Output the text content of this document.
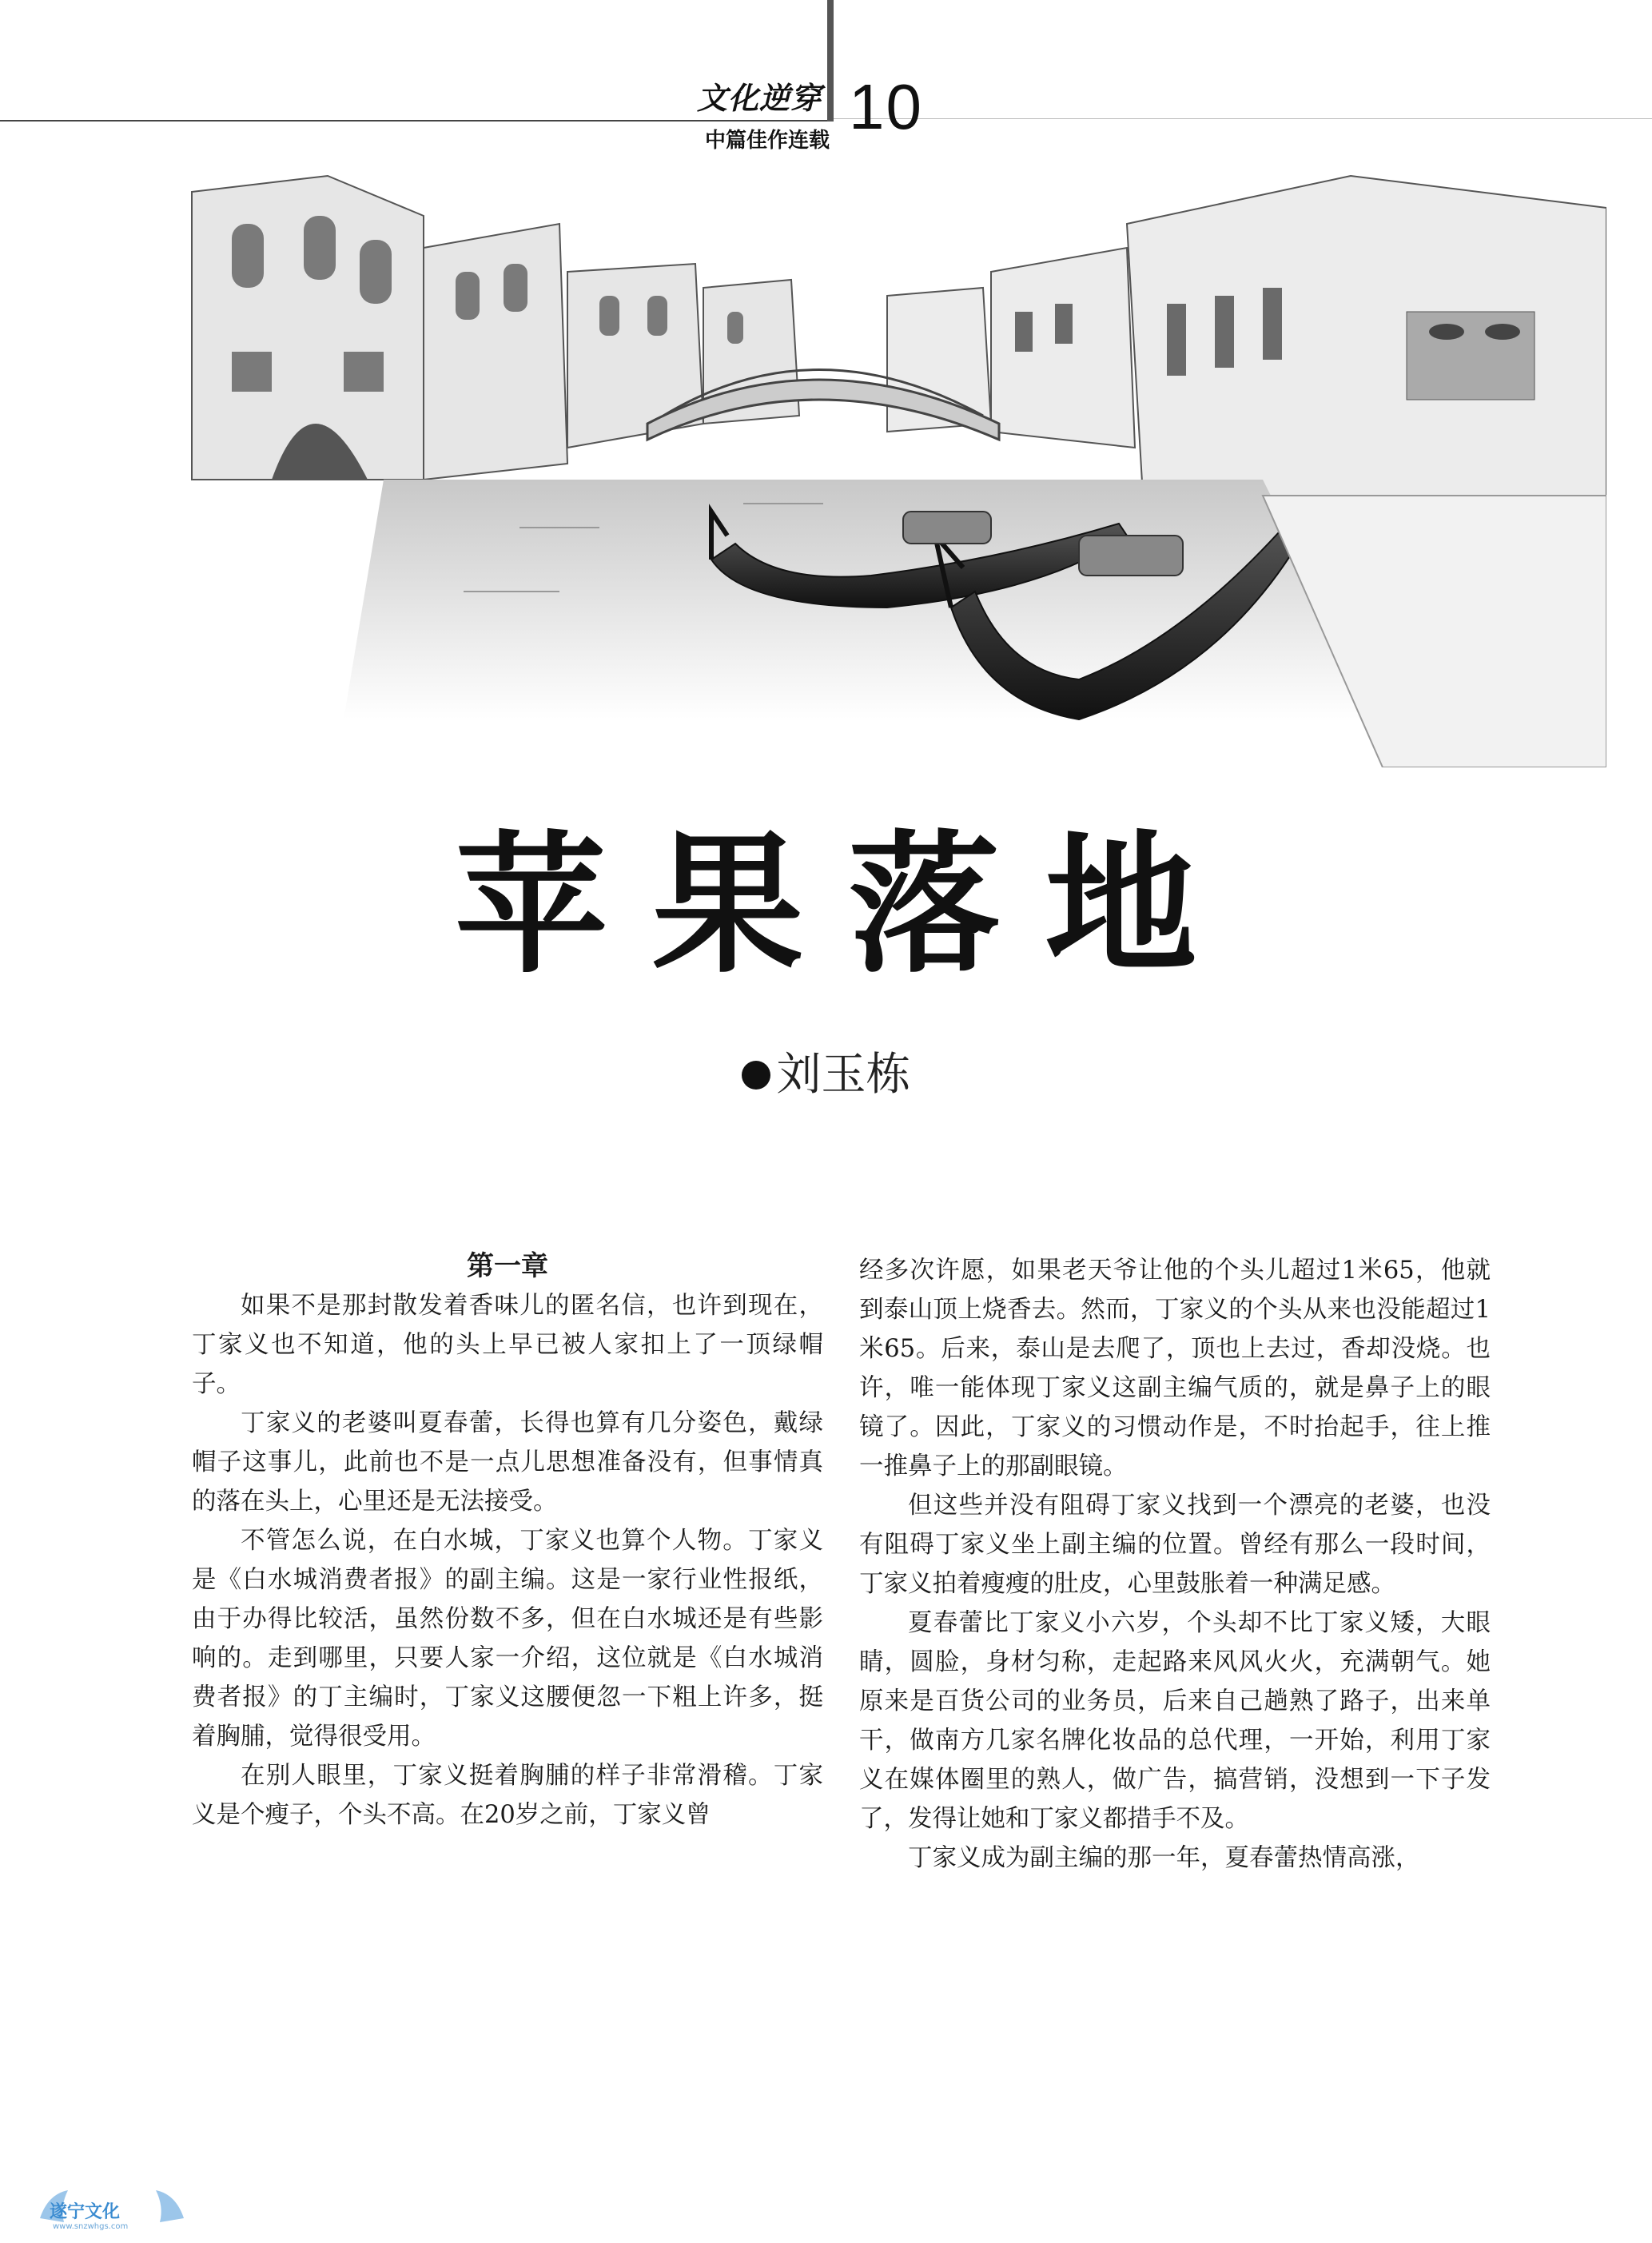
文化逆穿
中篇佳作连载 10
苹果落地
刘玉栋

第一章

如果不是那封散发着香味儿的匿名信，也许到现在，丁家义也不知道，他的头上早已被人家扣上了一顶绿帽子。

丁家义的老婆叫夏春蕾，长得也算有几分姿色，戴绿帽子这事儿，此前也不是一点儿思想准备没有，但事情真的落在头上，心里还是无法接受。

不管怎么说，在白水城，丁家义也算个人物。丁家义是《白水城消费者报》的副主编。这是一家行业性报纸，由于办得比较活，虽然份数不多，但在白水城还是有些影响的。走到哪里，只要人家一介绍，这位就是《白水城消费者报》的丁主编时，丁家义这腰便忽一下粗上许多，挺着胸脯，觉得很受用。

在别人眼里，丁家义挺着胸脯的样子非常滑稽。丁家义是个瘦子，个头不高。在20岁之前，丁家义曾

经多次许愿，如果老天爷让他的个头儿超过1米65，他就到泰山顶上烧香去。然而，丁家义的个头从来也没能超过1米65。后来，泰山是去爬了，顶也上去过，香却没烧。也许，唯一能体现丁家义这副主编气质的，就是鼻子上的眼镜了。因此，丁家义的习惯动作是，不时抬起手，往上推一推鼻子上的那副眼镜。

但这些并没有阻碍丁家义找到一个漂亮的老婆，也没有阻碍丁家义坐上副主编的位置。曾经有那么一段时间，丁家义拍着瘦瘦的肚皮，心里鼓胀着一种满足感。

夏春蕾比丁家义小六岁，个头却不比丁家义矮，大眼睛，圆脸，身材匀称，走起路来风风火火，充满朝气。她原来是百货公司的业务员，后来自己趟熟了路子，出来单干，做南方几家名牌化妆品的总代理，一开始，利用丁家义在媒体圈里的熟人，做广告，搞营销，没想到一下子发了，发得让她和丁家义都措手不及。

丁家义成为副主编的那一年，夏春蕾热情高涨，

遂宁文化
www.snzwhgs.com
